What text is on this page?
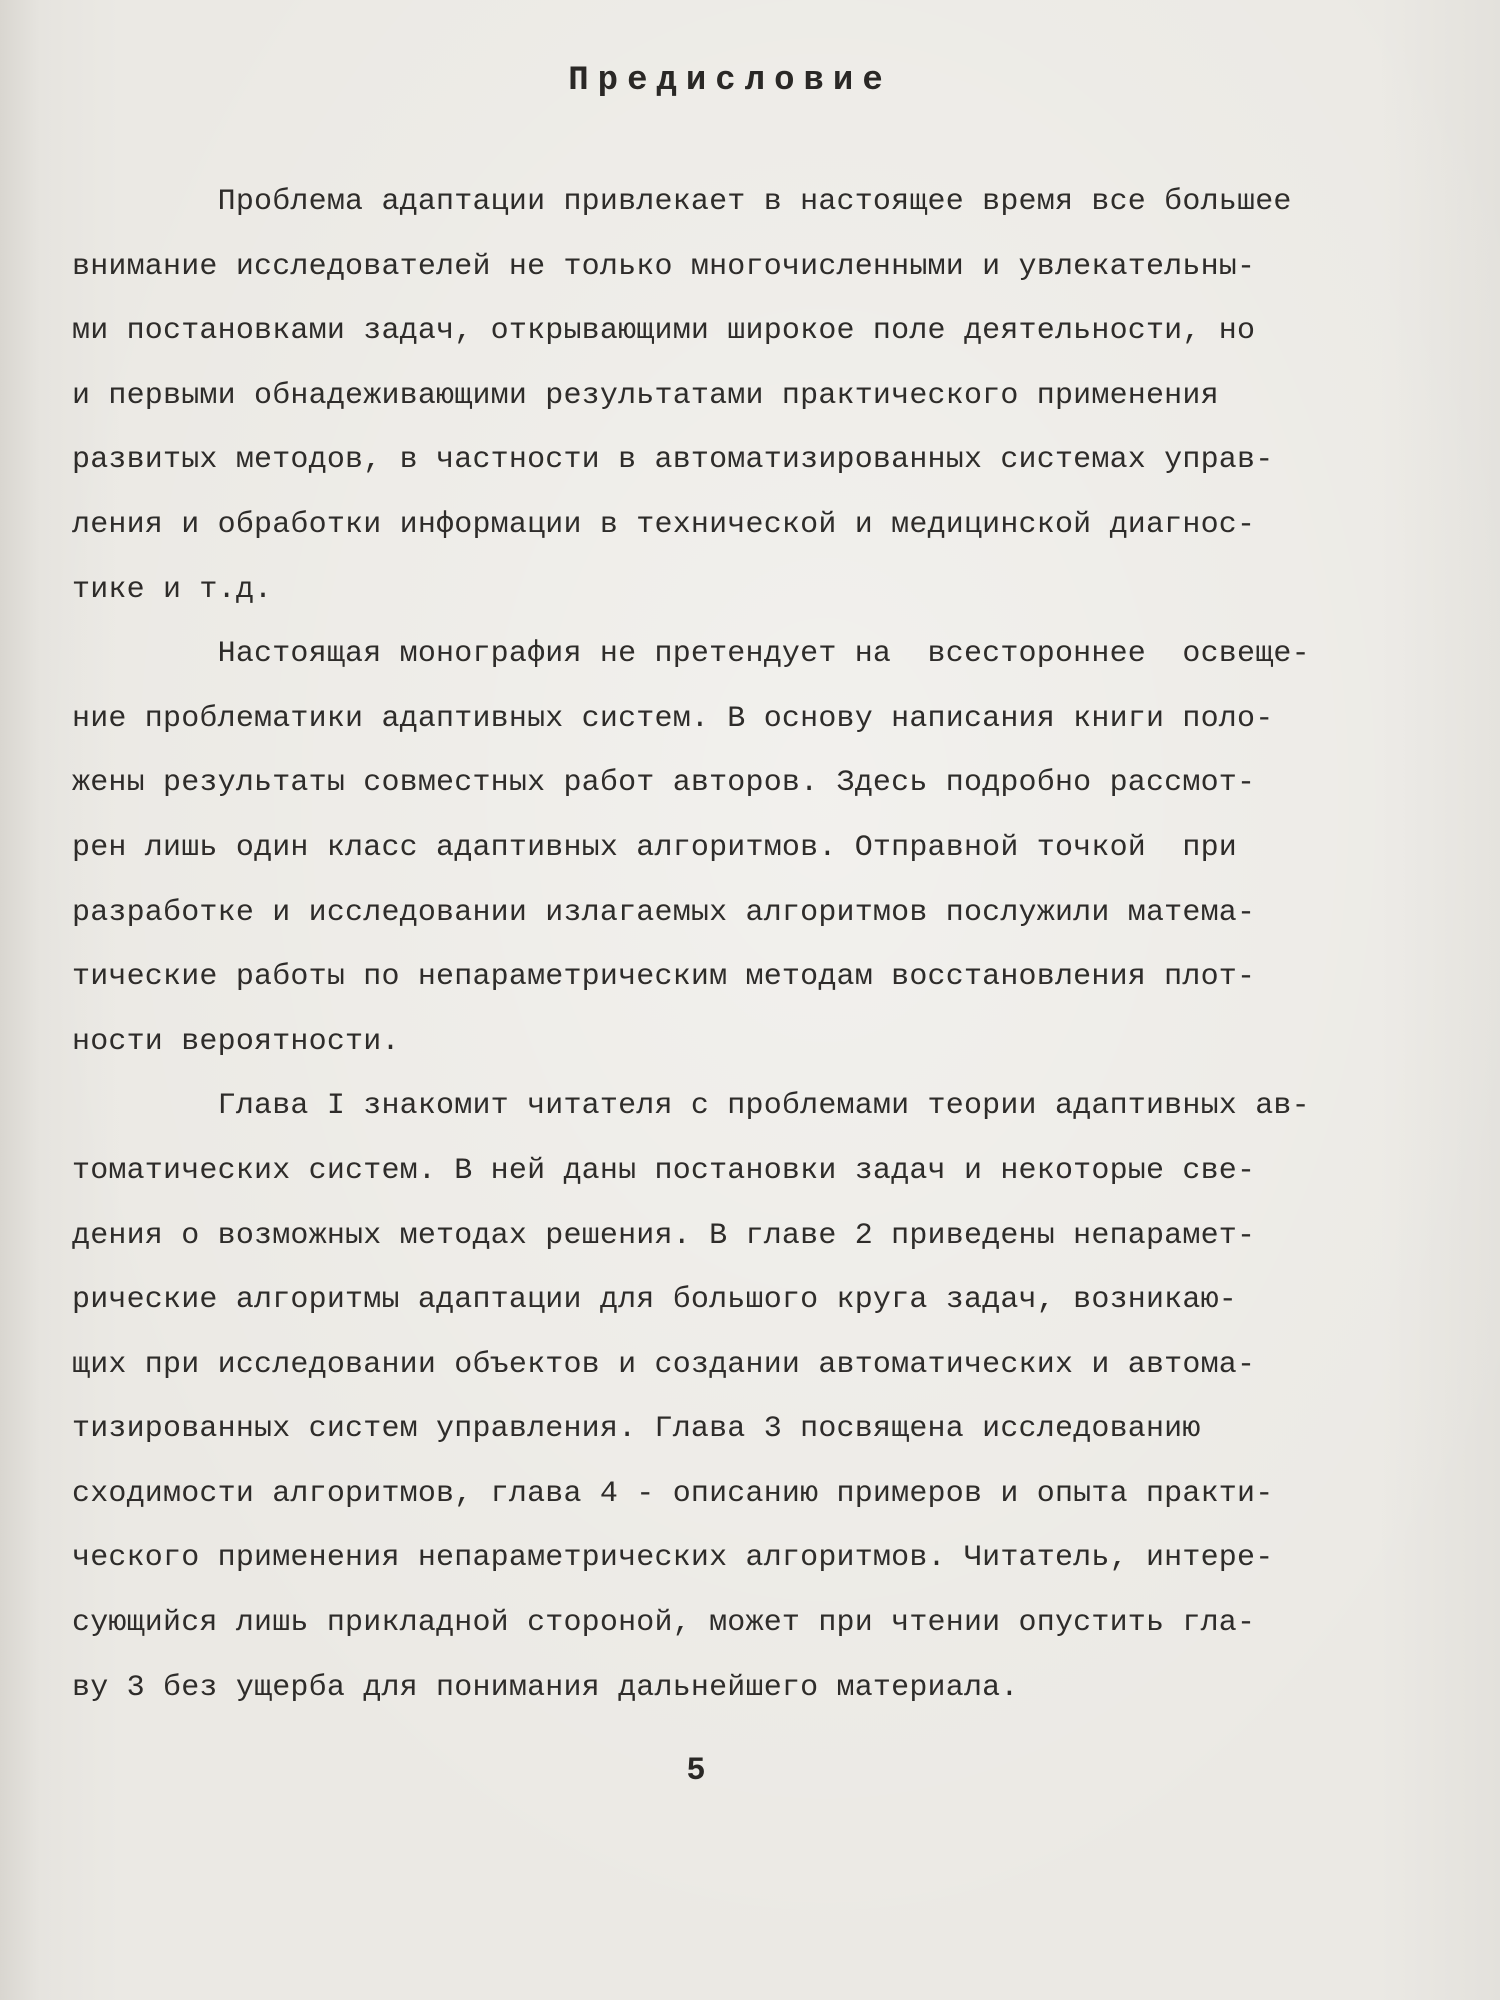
Предисловие
Проблема адаптации привлекает в настоящее время все большее
внимание исследователей не только многочисленными и увлекательны-
ми постановками задач, открывающими широкое поле деятельности, но
и первыми обнадеживающими результатами практического применения
развитых методов, в частности в автоматизированных системах управ-
ления и обработки информации в технической и медицинской диагнос-
тике и т.д.
Настоящая монография не претендует на  всестороннее  освеще-
ние проблематики адаптивных систем. В основу написания книги поло-
жены результаты совместных работ авторов. Здесь подробно рассмот-
рен лишь один класс адаптивных алгоритмов. Отправной точкой  при
разработке и исследовании излагаемых алгоритмов послужили матема-
тические работы по непараметрическим методам восстановления плот-
ности вероятности.
Глава I знакомит читателя с проблемами теории адаптивных ав-
томатических систем. В ней даны постановки задач и некоторые све-
дения о возможных методах решения. В главе 2 приведены непарамет-
рические алгоритмы адаптации для большого круга задач, возникаю-
щих при исследовании объектов и создании автоматических и автома-
тизированных систем управления. Глава 3 посвящена исследованию
сходимости алгоритмов, глава 4 - описанию примеров и опыта практи-
ческого применения непараметрических алгоритмов. Читатель, интере-
сующийся лишь прикладной стороной, может при чтении опустить гла-
ву 3 без ущерба для понимания дальнейшего материала.
5
